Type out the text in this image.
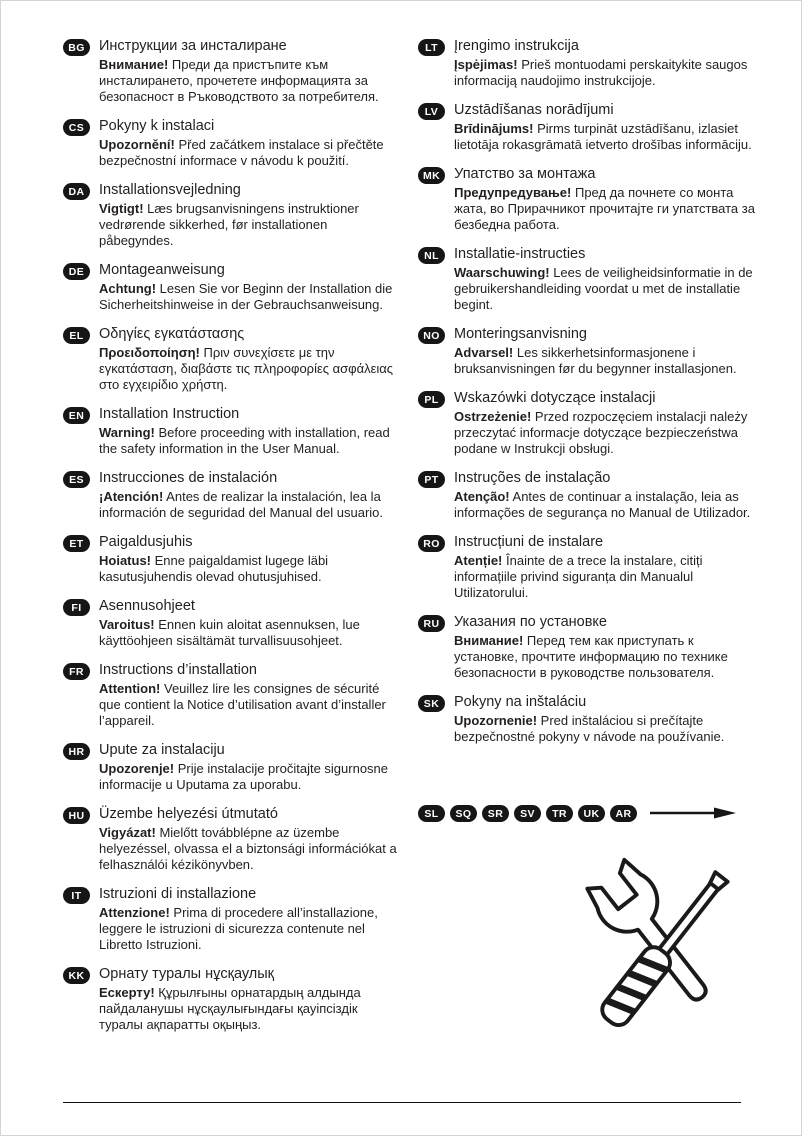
BG Инструкции за инсталиране
Внимание! Преди да пристъпите към инсталирането, прочетете информацията за безопасност в Ръководството за потребителя.
CS	Pokyny k instalaci
Upozornění! Před začátkem instalace si přečtěte bezpečnostní informace v návodu k použití.
DA	Installationsvejledning
Vigtigt! Læs brugsanvisningens instruktioner vedrørende sikkerhed, før installationen påbegyndes.
DE	Montageanweisung
Achtung! Lesen Sie vor Beginn der Installation die Sicherheitshinweise in der Gebrauchsanweisung.
EL	Οδηγίες εγκατάστασης
Προειδοποίηση! Πριν συνεχίσετε με την εγκατάσταση, διαβάστε τις πληροφορίες ασφάλειας στο εγχειρίδιο χρήστη.
EN	Installation Instruction
Warning! Before proceeding with installation, read the safety information in the User Manual.
ES	Instrucciones de instalación
¡Atención! Antes de realizar la instalación, lea la información de seguridad del Manual del usuario.
ET	Paigaldusjuhis
Hoiatus! Enne paigaldamist lugege läbi kasutusjuhendis olevad ohutusjuhised.
FI	Asennusohjeet
Varoitus! Ennen kuin aloitat asennuksen, lue käyttöohjeen sisältämät turvallisuusohjeet.
FR	Instructions d’installation
Attention! Veuillez lire les consignes de sécurité que contient la Notice d’utilisation avant d’installer l’appareil.
HR	Upute za instalaciju
Upozorenje! Prije instalacije pročitajte sigurnosne informacije u Uputama za uporabu.
HU	Üzembe helyezési útmutató
Vigyázat! Mielőtt továbblépne az üzembe helyezéssel, olvassa el a biztonsági információkat a felhasználói kézikönyvben.
IT	Istruzioni di installazione
Attenzione! Prima di procedere all’installazione, leggere le istruzioni di sicurezza contenute nel Libretto Istruzioni.
KK	Орнату туралы нұсқаулық
Ескерту! Құрылғыны орнатардың алдында пайдаланушы нұсқаулығындағы қауіпсіздік туралы ақпаратты оқыңыз.
LT	Įrengimo instrukcija
Įspėjimas! Prieš montuodami perskaitykite saugos informaciją naudojimo instrukcijoje.
LV	Uzstādīšanas norādījumi
Brīdinājums! Pirms turpināt uzstādīšanu, izlasiet lietotāja rokasgrāmatā ietverto drošības informāciju.
MK Упатство за монтажа
Предупредување! Пред да почнете со монта жата, во Прирачникот прочитајте ги упатствата за безбедна работа.
NL	Installatie-instructies
Waarschuwing! Lees de veiligheidsinformatie in de gebruikershandleiding voordat u met de installatie begint.
NO Monteringsanvisning
Advarsel! Les sikkerhetsinformasjonene i bruksanvisningen før du begynner installasjonen.
PL	Wskazówki dotyczące instalacji
Ostrzeżenie! Przed rozpoczęciem instalacji należy przeczytać informacje dotyczące bezpieczeństwa podane w Instrukcji obsługi.
PT	Instruções de instalação
Atenção! Antes de continuar a instalação, leia as informações de segurança no Manual de Utilizador.
RO Instrucțiuni de instalare
Atenție! Înainte de a trece la instalare, citiți informațiile privind siguranța din Manualul Utilizatorului.
RU	Указания по установке
Внимание! Перед тем как приступать к установке, прочтите информацию по технике безопасности в руководстве пользователя.
SK	Pokyny na inštaláciu
Upozornenie! Pred inštaláciou si prečítajte bezpečnostné pokyny v návode na používanie.
SL	SQ	SR	SV	TR	UK	AR
